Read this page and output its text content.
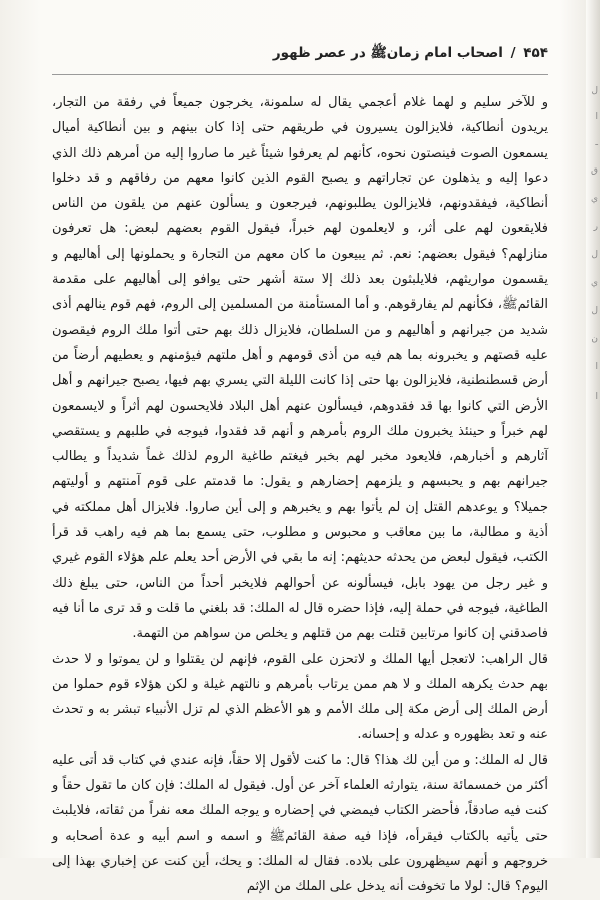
ل
ا
ـ
ق
ي
ر
ل
ي
ل
ن
ا
ا
۴۵۴ / اصحاب امام زمانﷺ در عصر ظهور

و للآخر سليم و لهما غلام أعجمي يقال له سلمونة، يخرجون جميعاً في رفقة من التجار، يريدون أنطاكية، فلايزالون يسيرون في طريقهم حتى إذا كان بينهم و بين أنطاكية أميال يسمعون الصوت فينصتون نحوه، كأنهم لم يعرفوا شيئاً غير ما صاروا إليه من أمرهم ذلك الذي دعوا إليه و يذهلون عن تجاراتهم و يصبح القوم الذين كانوا معهم من رفاقهم و قد دخلوا أنطاكية، فيفقدونهم، فلايزالون يطلبونهم، فيرجعون و يسألون عنهم من يلقون من الناس فلايقعون لهم على أثر، و لايعلمون لهم خبراً، فيقول القوم بعضهم لبعض: هل تعرفون منازلهم؟ فيقول بعضهم: نعم. ثم يبيعون ما كان معهم من التجارة و يحملونها إلى أهاليهم و يقسمون مواريثهم، فلايلبثون بعد ذلك إلا ستة أشهر حتى يوافو إلى أهاليهم على مقدمة القائمﷺ، فكأنهم لم يفارقوهم. و أما المستأمنة من المسلمين إلى الروم، فهم قوم ينالهم أذى شديد من جيرانهم و أهاليهم و من السلطان، فلايزال ذلك بهم حتى أتوا ملك الروم فيقصون عليه قصتهم و يخبرونه بما هم فيه من أذى قومهم و أهل ملتهم فيؤمنهم و يعطيهم أرضاً من أرض قسطنطنية، فلايزالون بها حتى إذا كانت الليلة التي يسري بهم فيها، يصبح جيرانهم و أهل الأرض التي كانوا بها قد فقدوهم، فيسألون عنهم أهل البلاد فلايحسون لهم أثراً و لايسمعون لهم خبراً و حينئذ يخبرون ملك الروم بأمرهم و أنهم قد فقدوا، فيوجه في طلبهم و يستقصي آثارهم و أخبارهم، فلايعود مخبر لهم بخبر فيغتم طاغية الروم لذلك غماً شديداً و يطالب جيرانهم بهم و يحبسهم و يلزمهم إحضارهم و يقول: ما قدمتم على قوم آمنتهم و أوليتهم جميلا؟ و يوعدهم القتل إن لم يأتوا بهم و يخبرهم و إلى أين صاروا. فلايزال أهل مملكته في أذية و مطالبة، ما بين معاقب و محبوس و مطلوب، حتى يسمع بما هم فيه راهب قد قرأ الكتب، فيقول لبعض من يحدثه حديثهم: إنه ما بقي في الأرض أحد يعلم علم هؤلاء القوم غيري و غير رجل من يهود بابل، فيسألونه عن أحوالهم فلايخبر أحداً من الناس، حتى يبلغ ذلك الطاغية، فيوجه في حملة إليه، فإذا حضره قال له الملك: قد بلغني ما قلت و قد ترى ما أنا فيه فاصدقني إن كانوا مرتابين قتلت بهم من قتلهم و يخلص من سواهم من التهمة.

قال الراهب: لاتعجل أيها الملك و لاتحزن على القوم، فإنهم لن يقتلوا و لن يموتوا و لا حدث بهم حدث يكرهه الملك و لا هم ممن يرتاب بأمرهم و نالتهم غيلة و لكن هؤلاء قوم حملوا من أرض الملك إلى أرض مكة إلى ملك الأمم و هو الأعظم الذي لم تزل الأنبياء تبشر به و تحدث عنه و تعد بظهوره و عدله و إحسانه.

قال له الملك: و من أين لك هذا؟ قال: ما كنت لأقول إلا حقاً، فإنه عندي في كتاب قد أتى عليه أكثر من خمسمائة سنة، يتوارثه العلماء آخر عن أول. فيقول له الملك: فإن كان ما تقول حقاً و كنت فيه صادقاً، فأحضر الكتاب فيمضي في إحضاره و يوجه الملك معه نفراً من ثقاته، فلايلبث حتى يأتيه بالكتاب فيقرأه، فإذا فيه صفة القائمﷺ و اسمه و اسم أبيه و عدة أصحابه و خروجهم و أنهم سيظهرون على بلاده. فقال له الملك: و يحك، أين كنت عن إخباري بهذا إلى اليوم؟ قال: لولا ما تخوفت أنه يدخل على الملك من الإثم
